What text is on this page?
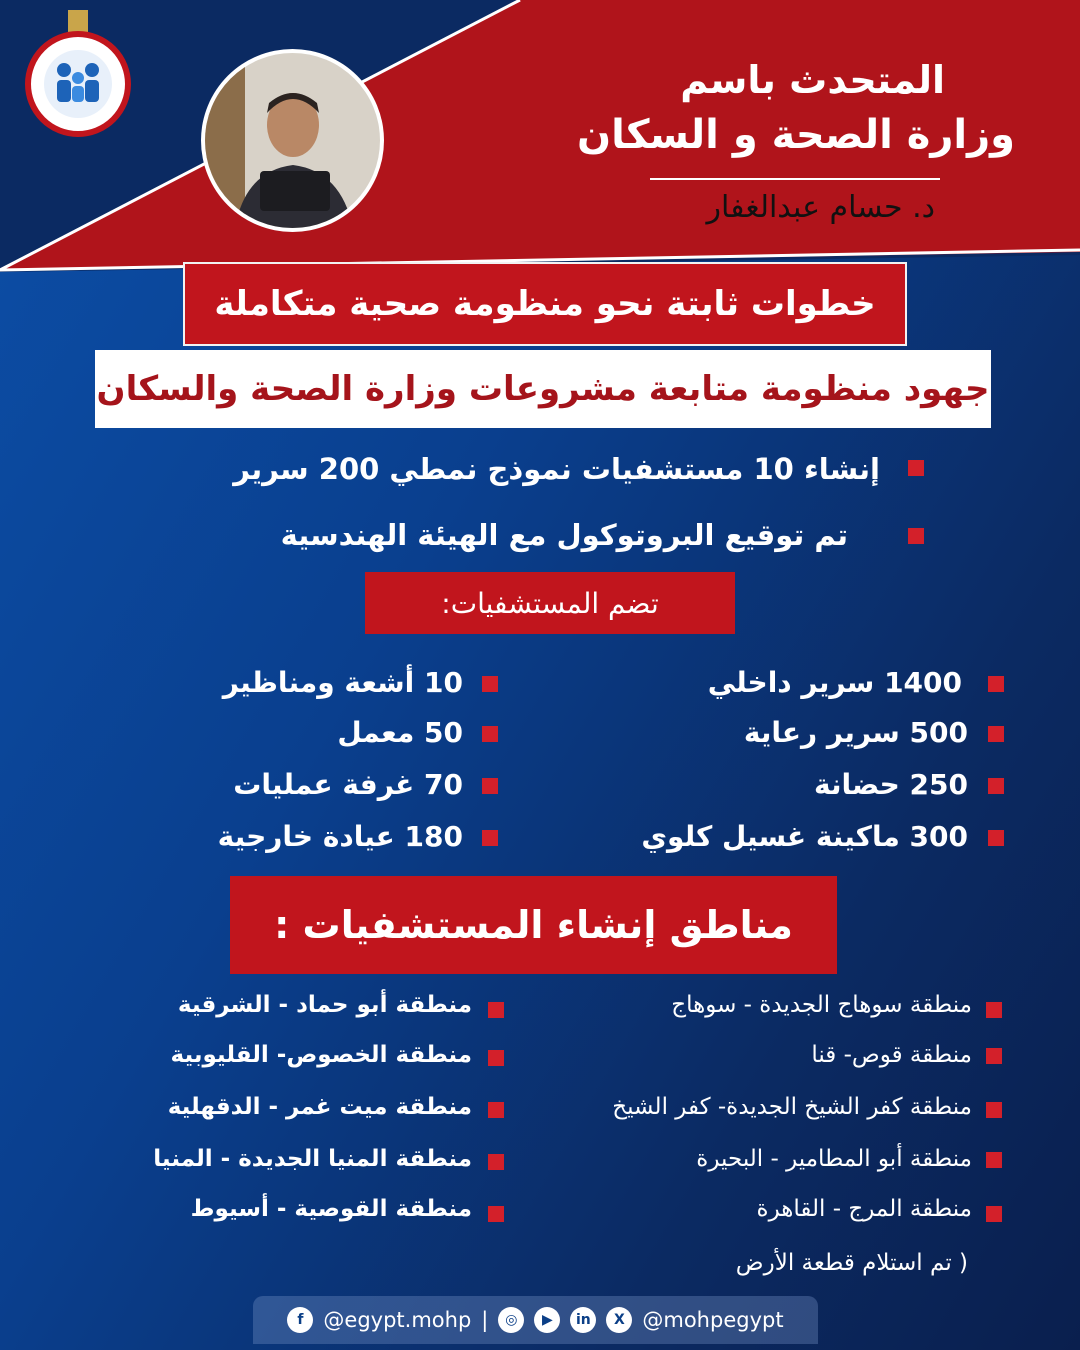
المتحدث باسم
وزارة الصحة و السكان
د. حسام عبدالغفار
خطوات ثابتة نحو منظومة صحية متكاملة
جهود منظومة متابعة مشروعات وزارة الصحة والسكان
إنشاء 10 مستشفيات نموذج نمطي 200 سرير
تم توقيع البروتوكول مع الهيئة الهندسية
تضم المستشفيات:
1400 سرير داخلي
500 سرير رعاية
250 حضانة
300 ماكينة غسيل كلوي
10 أشعة ومناظير
50 معمل
70 غرفة عمليات
180 عيادة خارجية
مناطق إنشاء المستشفيات :
منطقة سوهاج الجديدة - سوهاج
منطقة قوص- قنا
منطقة كفر الشيخ الجديدة- كفر الشيخ
منطقة أبو المطامير - البحيرة
منطقة المرج - القاهرة
( تم استلام قطعة الأرض
منطقة أبو حماد - الشرقية
منطقة الخصوص- القليوبية
منطقة ميت غمر - الدقهلية
منطقة المنيا الجديدة - المنيا
منطقة القوصية - أسيوط
f @egypt.mohp |	◎	▶	in	X @mohpegypt
